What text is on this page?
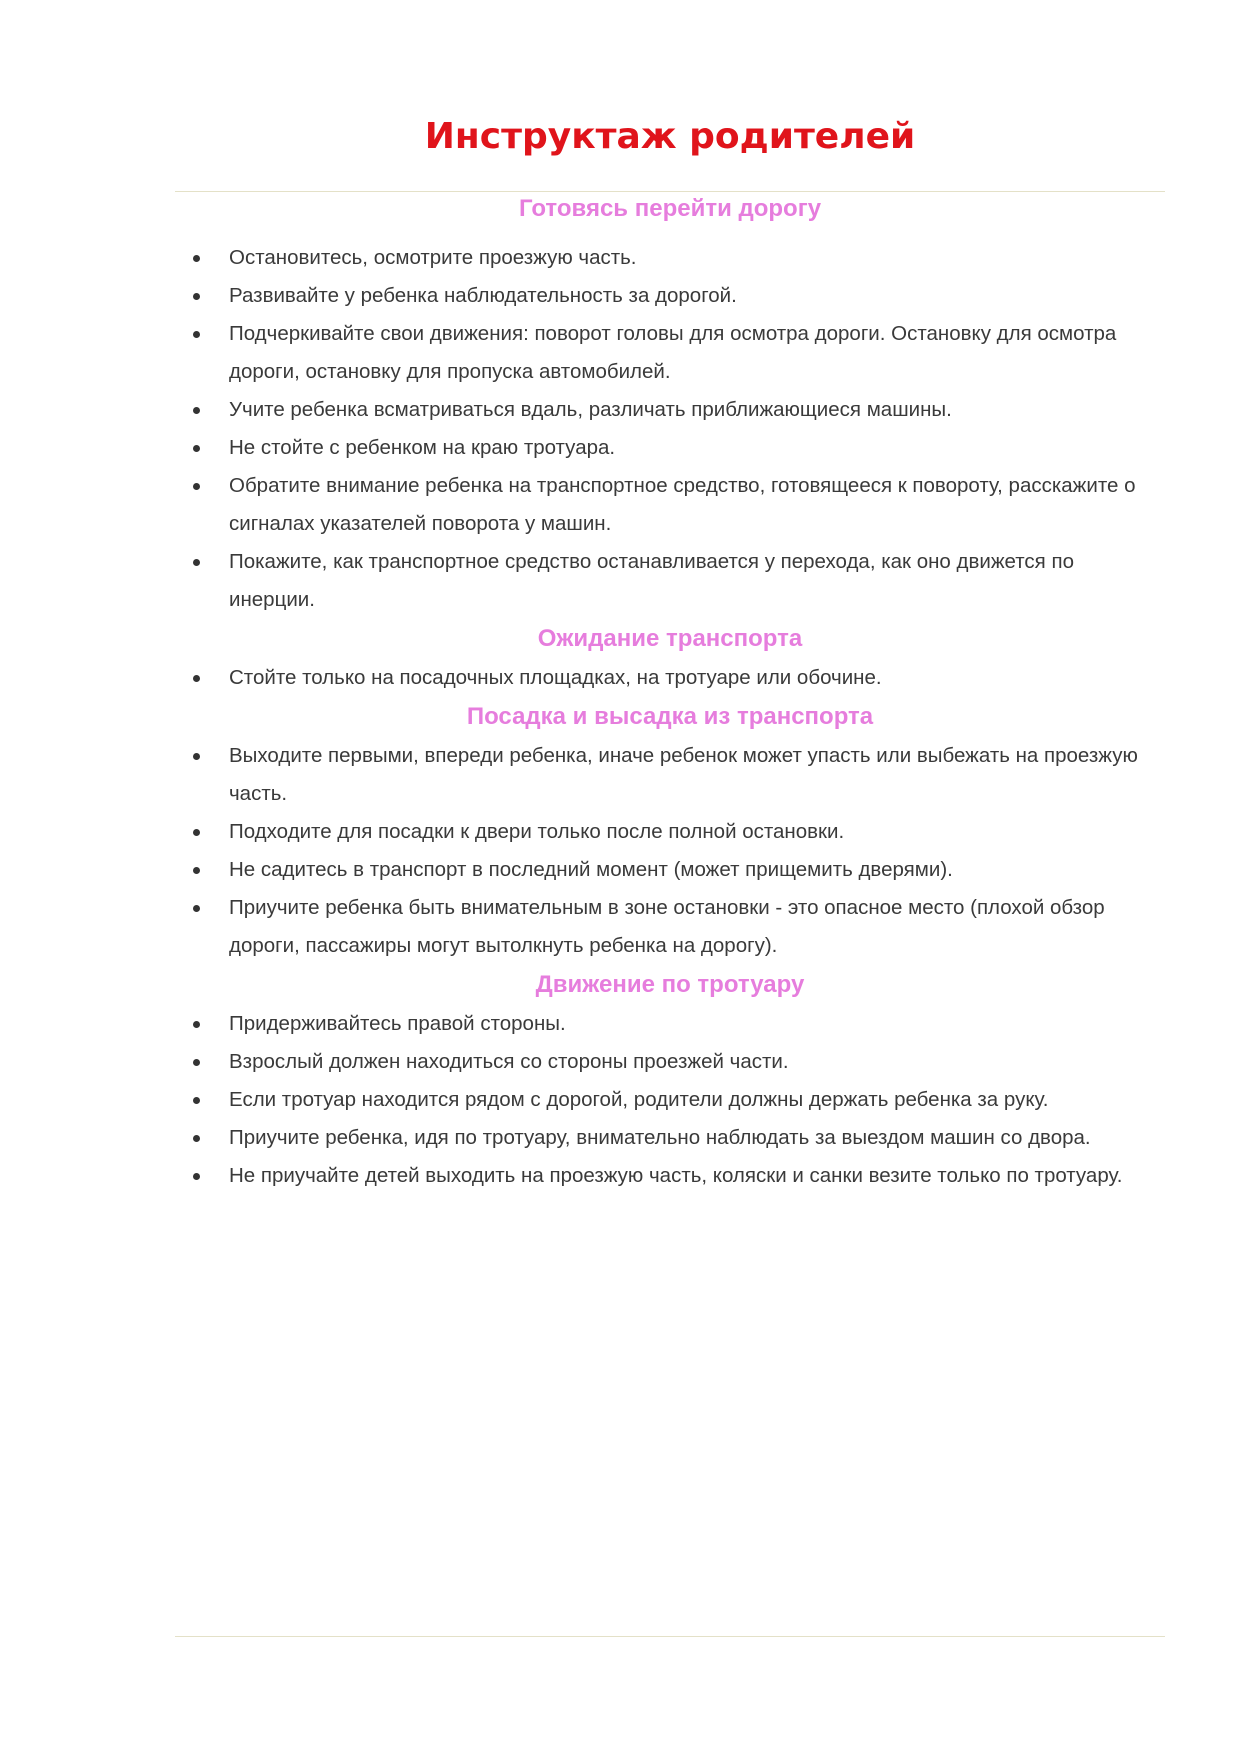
Инструктаж родителей
Готовясь перейти дорогу
Остановитесь, осмотрите проезжую часть.
Развивайте у ребенка наблюдательность за дорогой.
Подчеркивайте свои движения: поворот головы для осмотра дороги. Остановку для осмотра дороги, остановку для пропуска автомобилей.
Учите ребенка всматриваться вдаль, различать приближающиеся машины.
Не стойте с ребенком на краю тротуара.
Обратите внимание ребенка на транспортное средство, готовящееся к повороту, расскажите о сигналах указателей поворота у машин.
Покажите, как транспортное средство останавливается у перехода, как оно движется по инерции.
Ожидание транспорта
Стойте только на посадочных площадках, на тротуаре или обочине.
Посадка и высадка из транспорта
Выходите первыми, впереди ребенка, иначе ребенок может упасть или выбежать на проезжую часть.
Подходите для посадки к двери только после полной остановки.
Не садитесь в транспорт в последний момент (может прищемить дверями).
Приучите ребенка быть внимательным в зоне остановки - это опасное место (плохой обзор дороги, пассажиры могут вытолкнуть ребенка на дорогу).
Движение по тротуару
Придерживайтесь правой стороны.
Взрослый должен находиться со стороны проезжей части.
Если тротуар находится рядом с дорогой, родители должны держать ребенка за руку.
Приучите ребенка, идя по тротуару, внимательно наблюдать за выездом машин со двора.
Не приучайте детей выходить на проезжую часть, коляски и санки везите только по тротуару.
